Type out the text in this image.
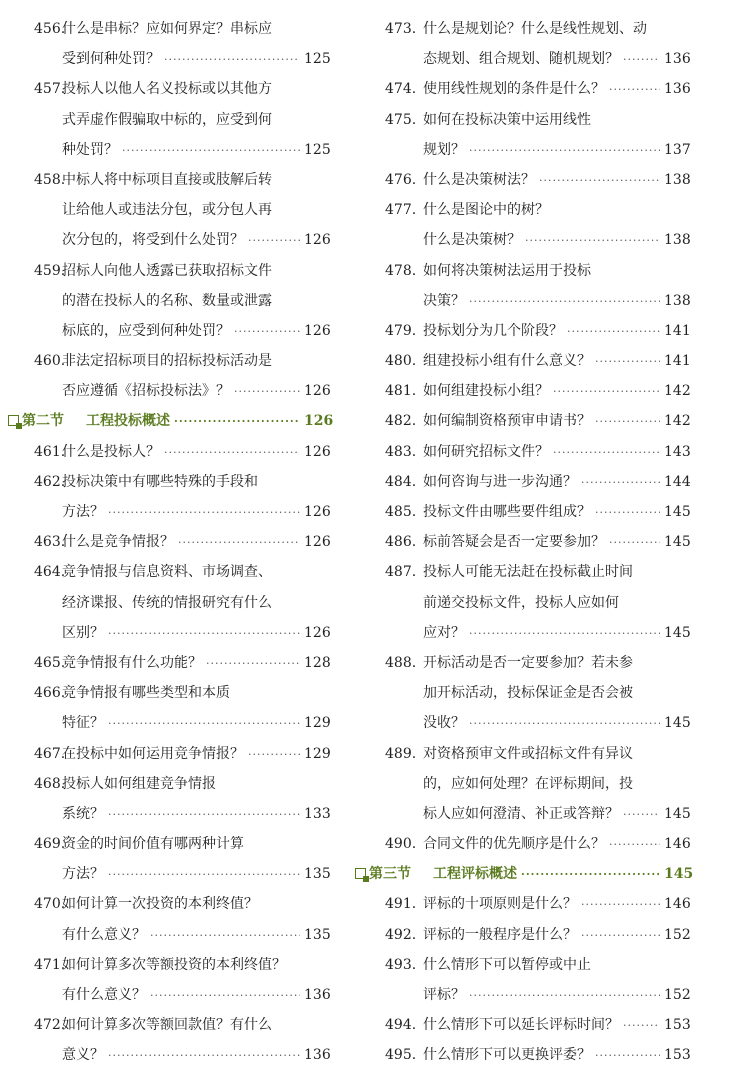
456.什么是串标？应如何界定？串标应
受到何种处罚？ ·····	125
457.投标人以他人名义投标或以其他方
式弄虚作假骗取中标的，应受到何
种处罚？ ·····	125
458.中标人将中标项目直接或肢解后转
让给他人或违法分包，或分包人再
次分包的，将受到什么处罚？ ·····	126
459.招标人向他人透露已获取招标文件
的潜在投标人的名称、数量或泄露
标底的，应受到何种处罚？ ·····	126
460.非法定招标项目的招标投标活动是
否应遵循《招标投标法》？ ·····	126
第二节 工程投标概述 ·····	126
461.什么是投标人？ ·····	126
462.投标决策中有哪些特殊的手段和
方法？ ·····	126
463.什么是竞争情报？ ·····	126
464.竞争情报与信息资料、市场调查、
经济谍报、传统的情报研究有什么
区别？ ·····	126
465.竞争情报有什么功能？ ·····	128
466.竞争情报有哪些类型和本质
特征？ ·····	129
467.在投标中如何运用竞争情报？ ·····	129
468.投标人如何组建竞争情报
系统？ ·····	133
469.资金的时间价值有哪两种计算
方法？ ·····	135
470.如何计算一次投资的本利终值？
有什么意义？ ·····	135
471.如何计算多次等额投资的本利终值？
有什么意义？ ·····	136
472.如何计算多次等额回款值？有什么
意义？ ·····	136
473. 什么是规划论？什么是线性规划、动
态规划、组合规划、随机规划？ ·····	136
474. 使用线性规划的条件是什么？ ·····	136
475. 如何在投标决策中运用线性
规划？ ·····	137
476. 什么是决策树法？ ·····	138
477. 什么是图论中的树？
什么是决策树？ ·····	138
478. 如何将决策树法运用于投标
决策？ ·····	138
479. 投标划分为几个阶段？ ·····	141
480. 组建投标小组有什么意义？ ·····	141
481. 如何组建投标小组？ ·····	142
482. 如何编制资格预审申请书？ ·····	142
483. 如何研究招标文件？ ·····	143
484. 如何咨询与进一步沟通？ ·····	144
485. 投标文件由哪些要件组成？ ·····	145
486. 标前答疑会是否一定要参加？ ·····	145
487. 投标人可能无法赶在投标截止时间
前递交投标文件，投标人应如何
应对？ ·····	145
488. 开标活动是否一定要参加？若未参
加开标活动，投标保证金是否会被
没收？ ·····	145
489. 对资格预审文件或招标文件有异议
的，应如何处理？在评标期间，投
标人应如何澄清、补正或答辩？ ·····	145
490. 合同文件的优先顺序是什么？ ·····	146
第三节 工程评标概述 ·····	145
491. 评标的十项原则是什么？ ·····	146
492. 评标的一般程序是什么？ ·····	152
493. 什么情形下可以暂停或中止
评标？ ·····	152
494. 什么情形下可以延长评标时间？ ·····	153
495. 什么情形下可以更换评委？ ·····	153
